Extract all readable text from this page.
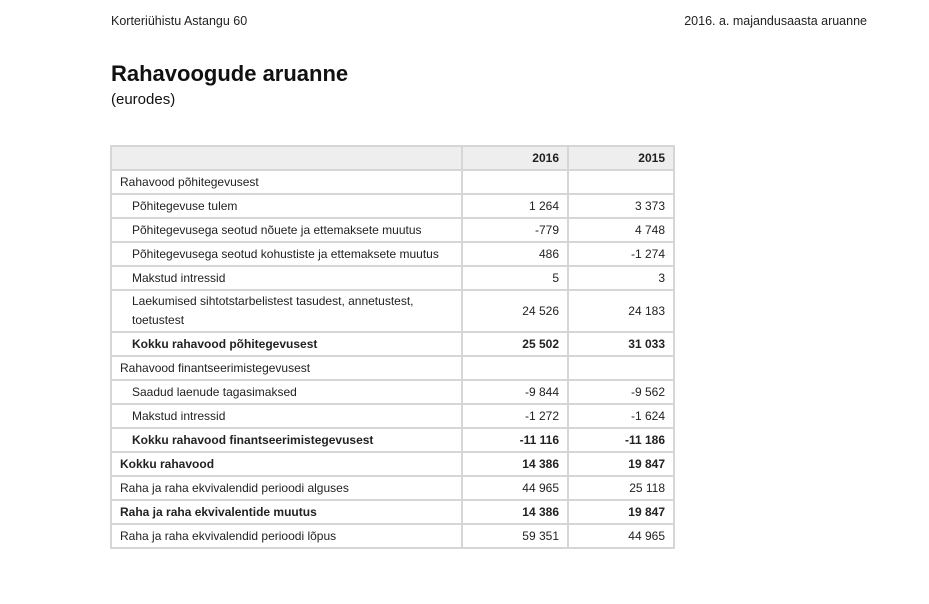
Korteriühistu Astangu 60	2016. a. majandusaasta aruanne
Rahavoogude aruanne
(eurodes)
	2016	2015
Rahavood põhitegevusest		
Põhitegevuse tulem	1 264	3 373
Põhitegevusega seotud nõuete ja ettemaksete muutus	-779	4 748
Põhitegevusega seotud kohustiste ja ettemaksete muutus	486	-1 274
Makstud intressid	5	3
Laekumised sihtotstarbelistest tasudest, annetustest, toetustest	24 526	24 183
Kokku rahavood põhitegevusest	25 502	31 033
Rahavood finantseerimistegevusest		
Saadud laenude tagasimaksed	-9 844	-9 562
Makstud intressid	-1 272	-1 624
Kokku rahavood finantseerimistegevusest	-11 116	-11 186
Kokku rahavood	14 386	19 847
Raha ja raha ekvivalendid perioodi alguses	44 965	25 118
Raha ja raha ekvivalentide muutus	14 386	19 847
Raha ja raha ekvivalendid perioodi lõpus	59 351	44 965
